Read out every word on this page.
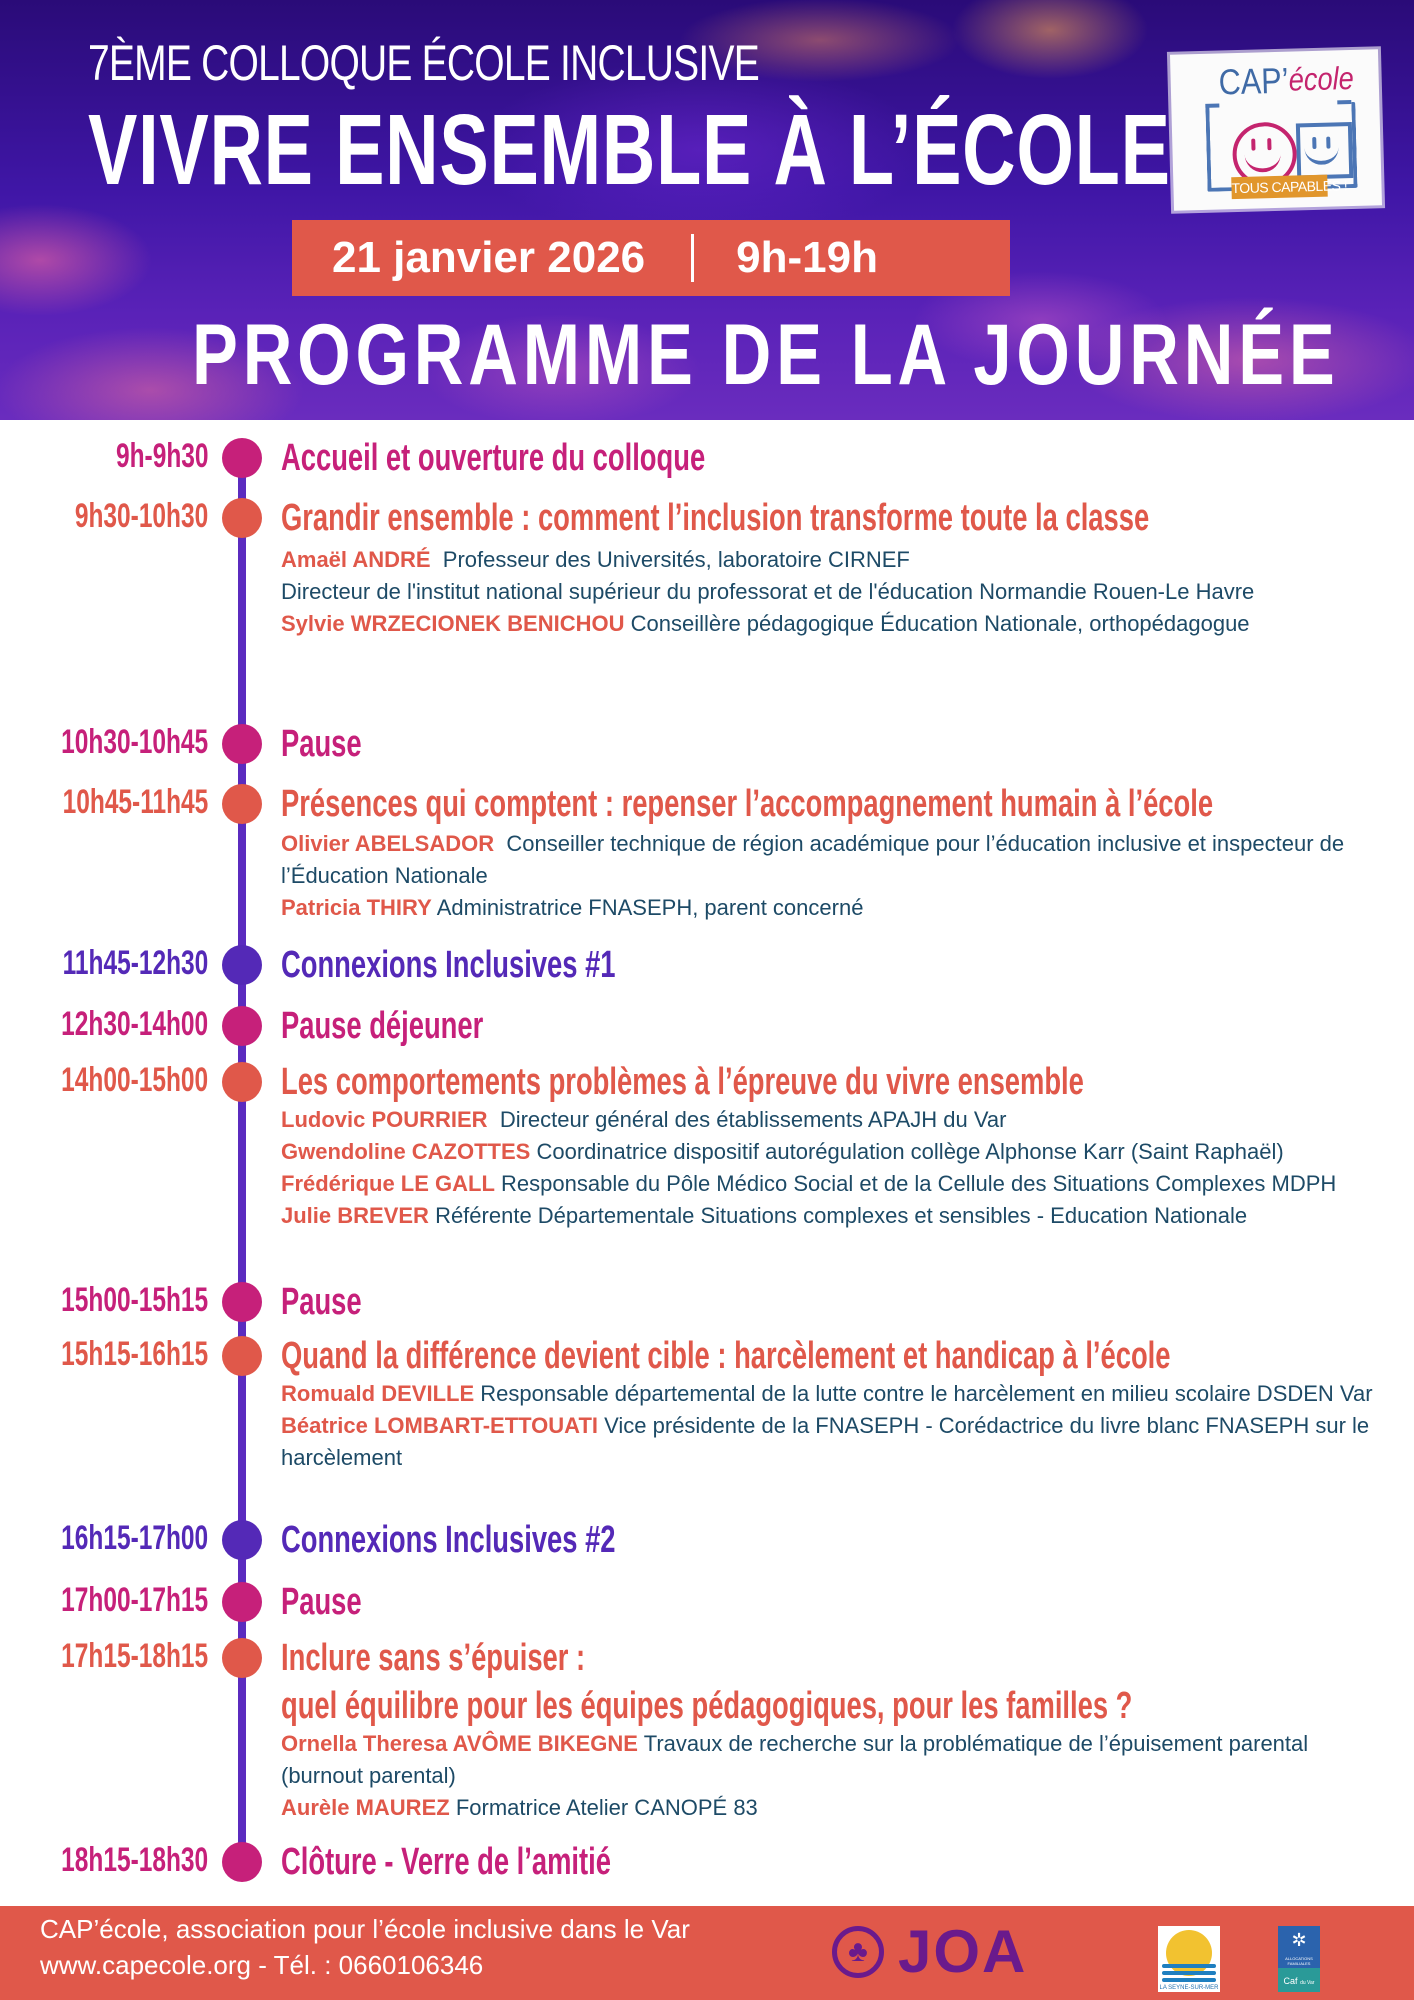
7ÈME COLLOQUE ÉCOLE INCLUSIVE
VIVRE ENSEMBLE À L’ÉCOLE
21 janvier 2026 9h-19h
PROGRAMME DE LA JOURNÉE
CAP’ école
TOUS CAPABLES !
9h-9h30 Accueil et ouverture du colloque
9h30-10h30 Grandir ensemble : comment l’inclusion transforme toute la classe
Amaël ANDRÉ Professeur des Universités, laboratoire CIRNEF
Directeur de l'institut national supérieur du professorat et de l'éducation Normandie Rouen-Le Havre
Sylvie WRZECIONEK BENICHOU Conseillère pédagogique Éducation Nationale, orthopédagogue
10h30-10h45 Pause
10h45-11h45 Présences qui comptent : repenser l’accompagnement humain à l’école
Olivier ABELSADOR Conseiller technique de région académique pour l’éducation inclusive et inspecteur de l’Éducation Nationale
Patricia THIRY Administratrice FNASEPH, parent concerné
11h45-12h30 Connexions Inclusives #1
12h30-14h00 Pause déjeuner
14h00-15h00 Les comportements problèmes à l’épreuve du vivre ensemble
Ludovic POURRIER Directeur général des établissements APAJH du Var
Gwendoline CAZOTTES Coordinatrice dispositif autorégulation collège Alphonse Karr (Saint Raphaël)
Frédérique LE GALL Responsable du Pôle Médico Social et de la Cellule des Situations Complexes MDPH
Julie BREVER Référente Départementale Situations complexes et sensibles - Education Nationale
15h00-15h15 Pause
15h15-16h15 Quand la différence devient cible : harcèlement et handicap à l’école
Romuald DEVILLE Responsable départemental de la lutte contre le harcèlement en milieu scolaire DSDEN Var
Béatrice LOMBART-ETTOUATI Vice présidente de la FNASEPH - Corédactrice du livre blanc FNASEPH sur le harcèlement
16h15-17h00 Connexions Inclusives #2
17h00-17h15 Pause
17h15-18h15 Inclure sans s’épuiser :
quel équilibre pour les équipes pédagogiques, pour les familles ?
Ornella Theresa AVÔME BIKEGNE Travaux de recherche sur la problématique de l’épuisement parental (burnout parental)
Aurèle MAUREZ Formatrice Atelier CANOPÉ 83
18h15-18h30 Clôture - Verre de l’amitié
CAP’école, association pour l’école inclusive dans le Var
www.capecole.org - Tél. : 0660106346	♣ JOA
LA SEYNE-SUR-MER
✲
ALLOCATIONS FAMILIALES
Caf du Var
